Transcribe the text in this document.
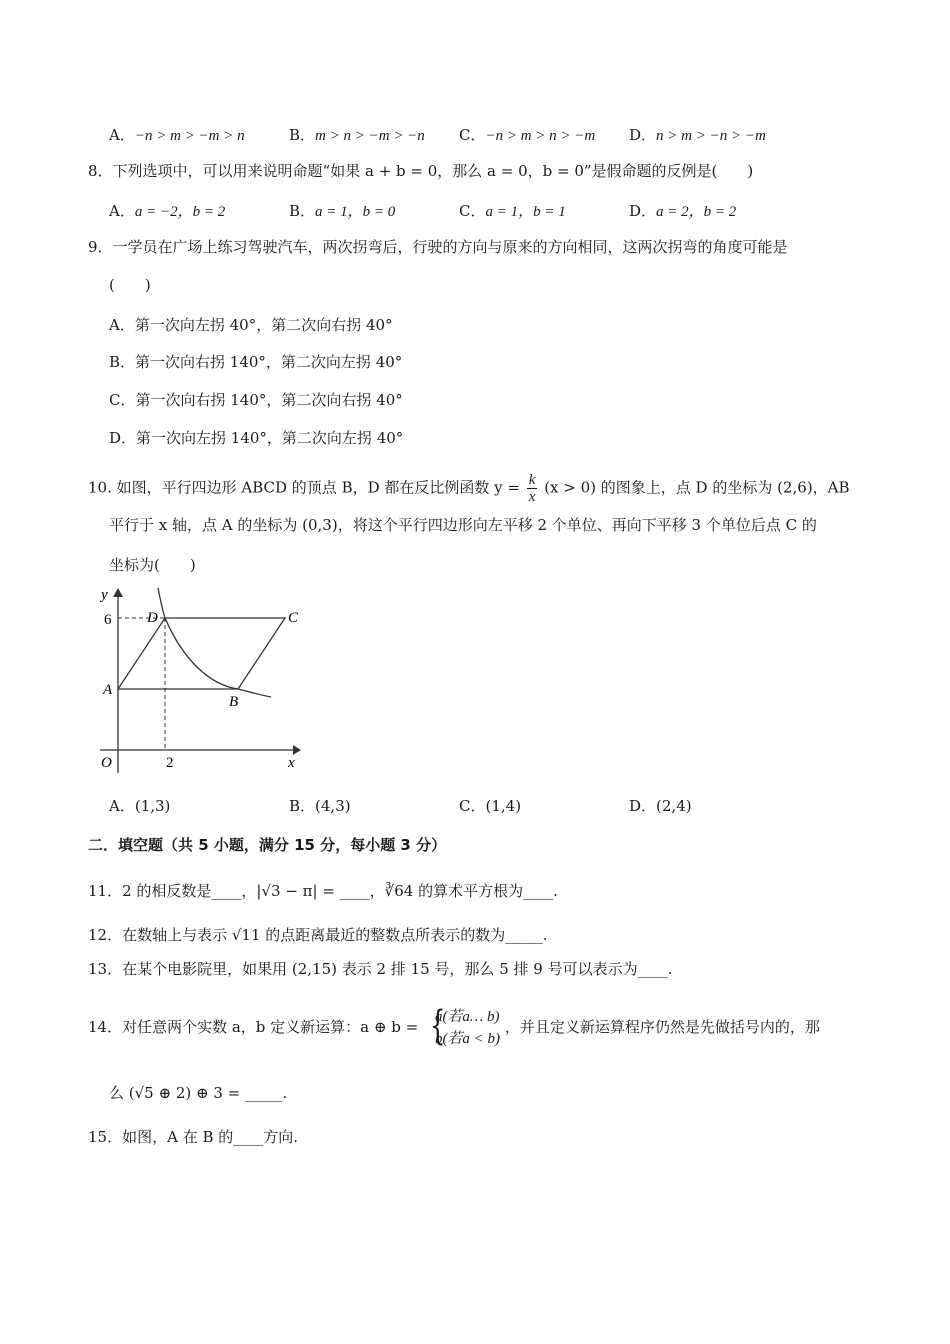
A．−n > m > −m > n	B．m > n > −m > −n C．−n > m > n > −m D．n > m > −n > −m
8．下列选项中，可以用来说明命题“如果 a + b = 0，那么 a = 0，b = 0”是假命题的反例是(　　)
A．a = −2，b = 2	B．a = 1，b = 0	C．a = 1，b = 1	D．a = 2，b = 2
9．一学员在广场上练习驾驶汽车，两次拐弯后，行驶的方向与原来的方向相同，这两次拐弯的角度可能是
(　　)
A．第一次向左拐 40°，第二次向右拐 40°
B．第一次向右拐 140°，第二次向左拐 40°
C．第一次向右拐 140°，第二次向右拐 40°
D．第一次向左拐 140°，第二次向左拐 40°
10. 如图，平行四边形 ABCD 的顶点 B，D 都在反比例函数 $y = \frac{k}{x} (x > 0)$ 的图象上，点 D 的坐标为 (2,6)，AB
平行于 x 轴，点 A 的坐标为 (0,3)，将这个平行四边形向左平移 2 个单位、再向下平移 3 个单位后点 C 的
坐标为(　　)
y
x
O
A
B
C
D
6
2
A．(1,3)	B．(4,3)	C．(1,4)	D．(2,4)
二．填空题（共 5 小题，满分 15 分，每小题 3 分）
11．2 的相反数是____，|√3 − π| = ____，∛64 的算术平方根为____.
12．在数轴上与表示 √11 的点距离最近的整数点所表示的数为_____.
13．在某个电影院里，如果用 (2,15) 表示 2 排 15 号，那么 5 排 9 号可以表示为____.
14．对任意两个实数 a，b 定义新运算：a ⊕ b = {
a(若a… b)
b(若a < b)
，并且定义新运算程序仍然是先做括号内的，那
么 (√5 ⊕ 2) ⊕ 3 = _____.
15．如图，A 在 B 的____方向.
